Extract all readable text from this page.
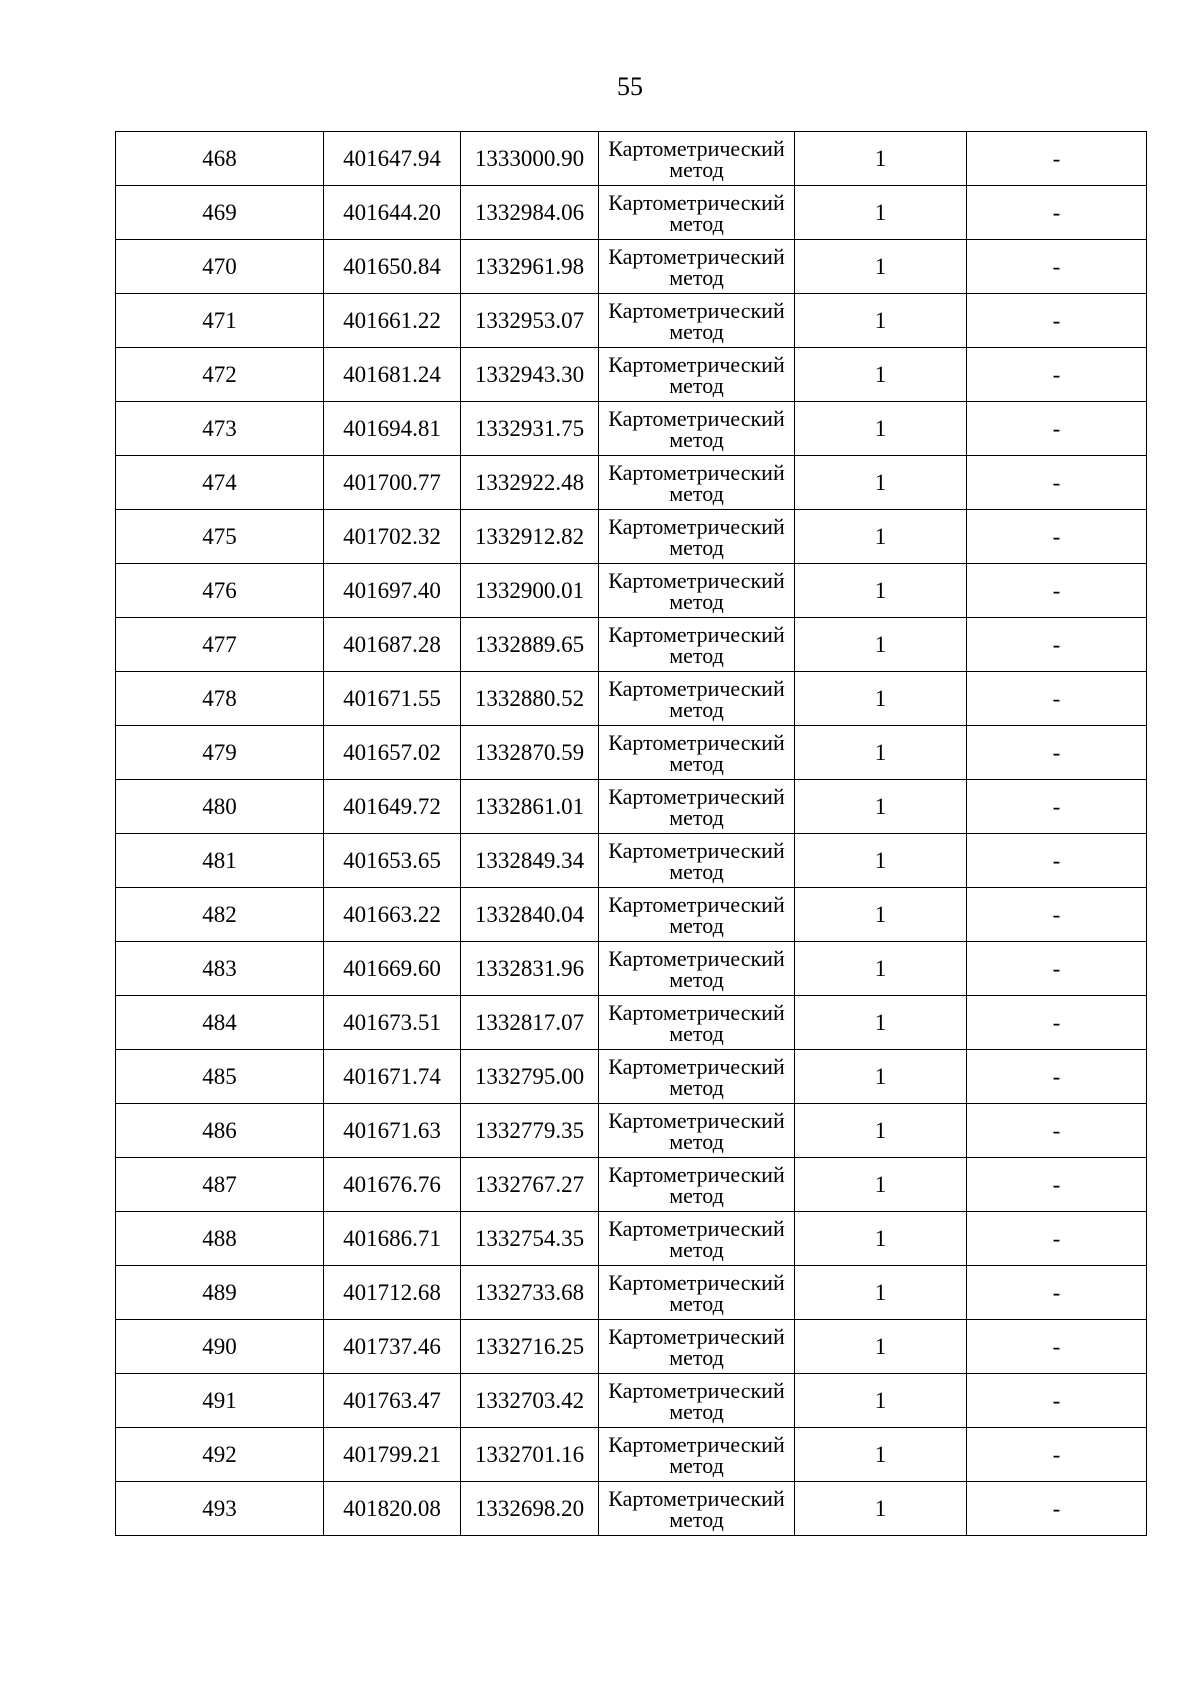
55
468	401647.94	1333000.90	Картометрический
метод	1	-
469	401644.20	1332984.06	Картометрический
метод	1	-
470	401650.84	1332961.98	Картометрический
метод	1	-
471	401661.22	1332953.07	Картометрический
метод	1	-
472	401681.24	1332943.30	Картометрический
метод	1	-
473	401694.81	1332931.75	Картометрический
метод	1	-
474	401700.77	1332922.48	Картометрический
метод	1	-
475	401702.32	1332912.82	Картометрический
метод	1	-
476	401697.40	1332900.01	Картометрический
метод	1	-
477	401687.28	1332889.65	Картометрический
метод	1	-
478	401671.55	1332880.52	Картометрический
метод	1	-
479	401657.02	1332870.59	Картометрический
метод	1	-
480	401649.72	1332861.01	Картометрический
метод	1	-
481	401653.65	1332849.34	Картометрический
метод	1	-
482	401663.22	1332840.04	Картометрический
метод	1	-
483	401669.60	1332831.96	Картометрический
метод	1	-
484	401673.51	1332817.07	Картометрический
метод	1	-
485	401671.74	1332795.00	Картометрический
метод	1	-
486	401671.63	1332779.35	Картометрический
метод	1	-
487	401676.76	1332767.27	Картометрический
метод	1	-
488	401686.71	1332754.35	Картометрический
метод	1	-
489	401712.68	1332733.68	Картометрический
метод	1	-
490	401737.46	1332716.25	Картометрический
метод	1	-
491	401763.47	1332703.42	Картометрический
метод	1	-
492	401799.21	1332701.16	Картометрический
метод	1	-
493	401820.08	1332698.20	Картометрический
метод	1	-
